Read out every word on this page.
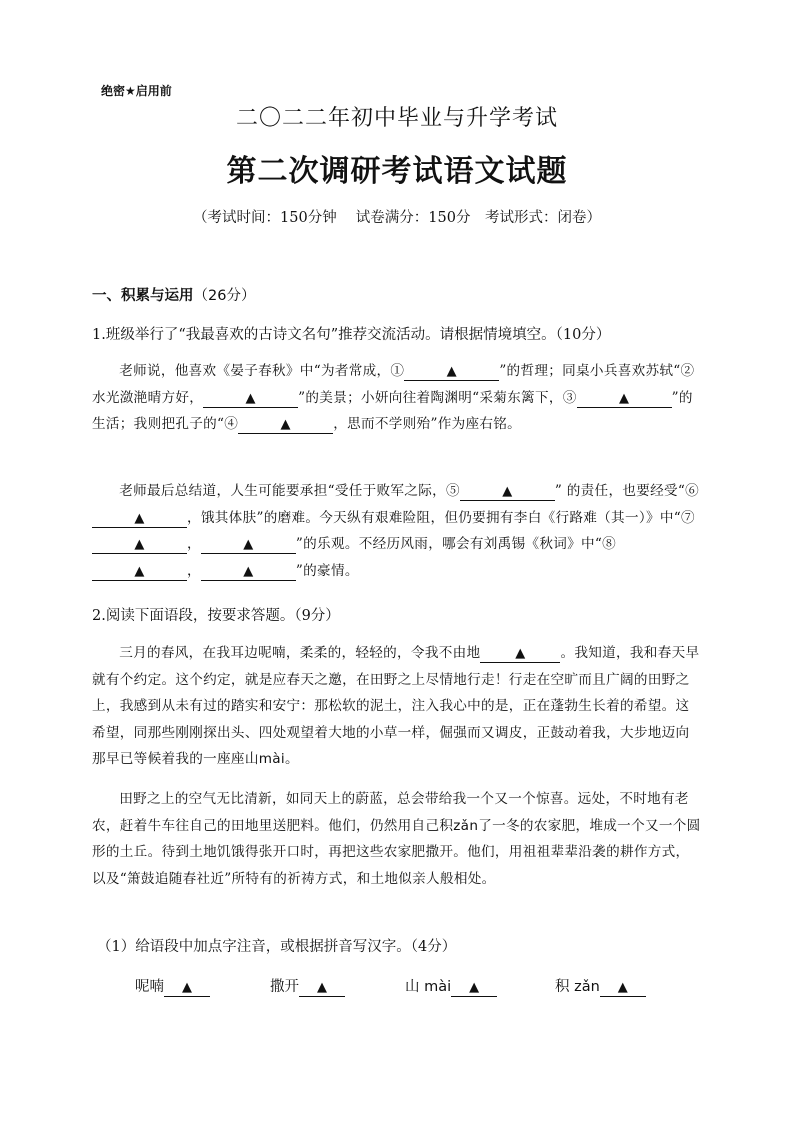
绝密★启用前
二〇二二年初中毕业与升学考试
第二次调研考试语文试题
（考试时间：150分钟　 试卷满分：150分　考试形式：闭卷）
一、积累与运用（26分）
1.班级举行了“我最喜欢的古诗文名句”推荐交流活动。请根据情境填空。（10分）
老师说，他喜欢《晏子春秋》中“为者常成，①	▲	”的哲理；同桌小兵喜欢苏轼“②水光潋滟晴方好，	▲	”的美景；小妍向往着陶渊明“采菊东篱下，③	▲	”的生活；我则把孔子的“④	▲	，思而不学则殆”作为座右铭。
老师最后总结道，人生可能要承担“受任于败军之际，⑤	▲	” 的责任，也要经受“⑥▲	，饿其体肤”的磨难。今天纵有艰难险阻，但仍要拥有李白《行路难（其一）》中“⑦▲	，	▲	”的乐观。不经历风雨，哪会有刘禹锡《秋词》中“⑧▲	，	▲	”的豪情。
2.阅读下面语段，按要求答题。（9分）
三月的春风，在我耳边呢喃，柔柔的，轻轻的，令我不由地	▲	。我知道，我和春天早就有个约定。这个约定，就是应春天之邀，在田野之上尽情地行走！行走在空旷而且广阔的田野之上，我感到从未有过的踏实和安宁：那松软的泥土，注入我心中的是，正在蓬勃生长着的希望。这希望，同那些刚刚探出头、四处观望着大地的小草一样，倔强而又调皮，正鼓动着我，大步地迈向那早已等候着我的一座座山mài。
田野之上的空气无比清新，如同天上的蔚蓝，总会带给我一个又一个惊喜。远处，不时地有老农，赶着牛车往自己的田地里送肥料。他们，仍然用自己积zǎn了一冬的农家肥，堆成一个又一个圆形的土丘。待到土地饥饿得张开口时，再把这些农家肥撒开。他们，用祖祖辈辈沿袭的耕作方式，以及“箫鼓追随春社近”所特有的祈祷方式，和土地似亲人般相处。
（1）给语段中加点字注音，或根据拼音写汉字。（4分）
呢喃 ▲	撒开 ▲	山 mài ▲	积 zǎn ▲
